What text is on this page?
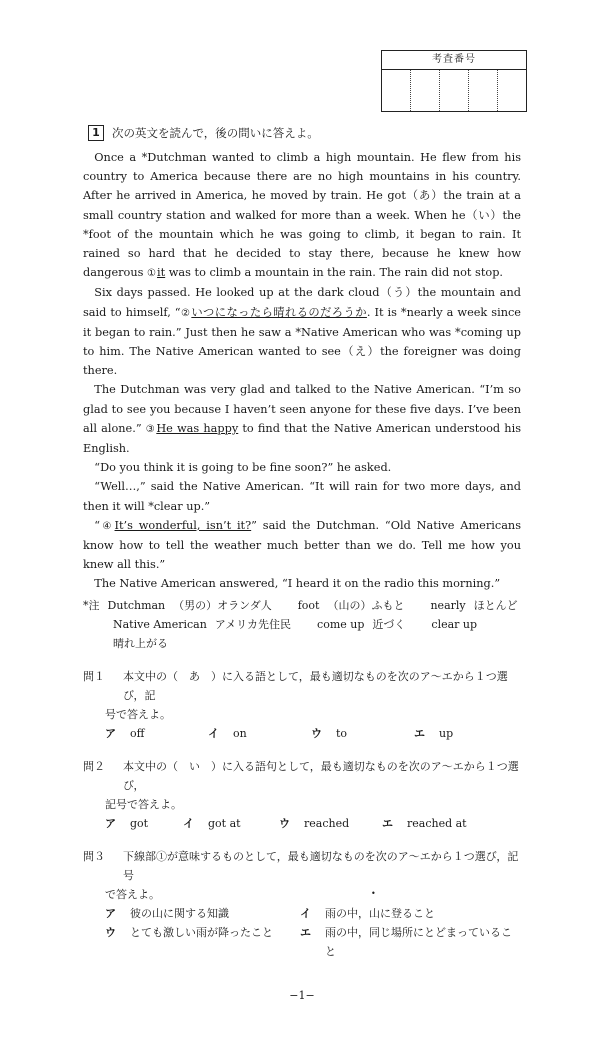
考査番号
1	次の英文を読んで，後の問いに答えよ。

Once a *Dutchman wanted to climb a high mountain. He flew from his country to America because there are no high mountains in his country. After he arrived in America, he moved by train. He got（あ）the train at a small country station and walked for more than a week. When he（い）the *foot of the mountain which he was going to climb, it began to rain. It rained so hard that he decided to stay there, because he knew how dangerous ①it was to climb a mountain in the rain. The rain did not stop.

Six days passed. He looked up at the dark cloud（う）the mountain and said to himself, “②いつになったら晴れるのだろうか. It is *nearly a week since it began to rain.” Just then he saw a *Native American who was *coming up to him. The Native American wanted to see（え）the foreigner was doing there.

The Dutchman was very glad and talked to the Native American. “I’m so glad to see you because I haven’t seen anyone for these five days. I’ve been all alone.” ③He was happy to find that the Native American understood his English.

“Do you think it is going to be fine soon?” he asked.

“Well…,” said the Native American. “It will rain for two more days, and then it will *clear up.”

“④It’s wonderful, isn’t it?” said the Dutchman. “Old Native Americans know how to tell the weather much better than we do. Tell me how you knew all this.”

The Native American answered, “I heard it on the radio this morning.”

*注 Dutchman （男の）オランダ人 foot （山の）ふもと nearly ほとんど
Native American アメリカ先住民 come up 近づく clear up
晴れ上がる
問１	本文中の（　あ　）に入る語として，最も適切なものを次のア〜エから１つ選び，記
号で答えよ。
ア off	イ on	ウ to	エ up
問２	本文中の（　い　）に入る語句として，最も適切なものを次のア〜エから１つ選び，
記号で答えよ。
ア got	イ got at	ウ reached	エ reached at
問３	下線部①が意味するものとして，最も適切なものを次のア〜エから１つ選び，記号
で答えよ。	•
ア 彼の山に関する知識	イ 雨の中，山に登ること
ウ とても激しい雨が降ったこと エ 雨の中，同じ場所にとどまっていること
−1−
